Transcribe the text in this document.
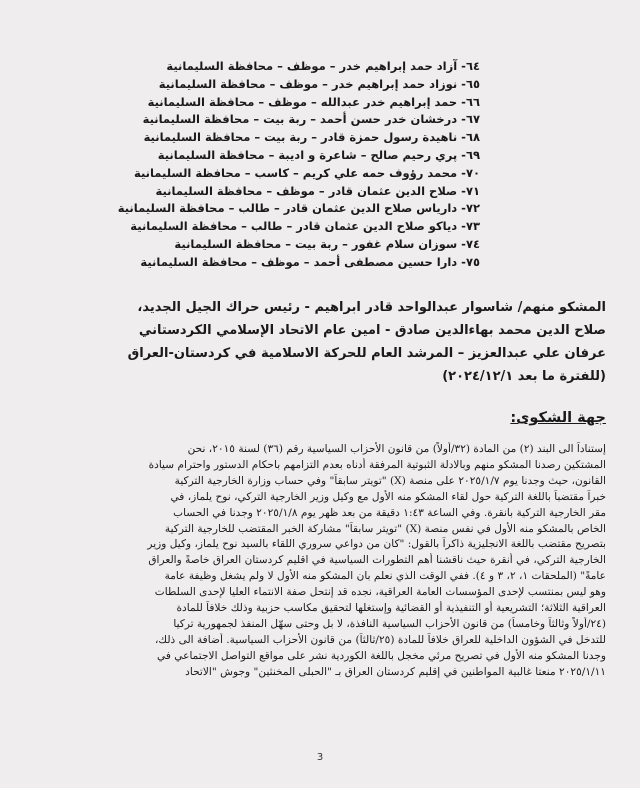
٦٤- آزاد حمد إبراهيم خدر – موظف – محافظة السليمانية
٦٥- نوزاد حمد إبراهيم خدر – موظف – محافظة السليمانية
٦٦- حمد إبراهيم خدر عبدالله – موظف – محافظة السليمانية
٦٧- درخشان خدر حسن أحمد – ربة بيت – محافظة السليمانية
٦٨- ناهيدة رسول حمزة قادر – ربة بيت – محافظة السليمانية
٦٩- پري رحيم صالح – شاعرة و اديبة – محافظة السليمانية
٧٠- محمد رؤوف حمه علي كريم – كاسب – محافظة السليمانية
٧١- صلاح الدين عثمان قادر – موظف – محافظة السليمانية
٧٢- داريا‌س صلاح الدين عثمان قادر – طالب – محافظة السليمانية
٧٣- ديا‌كو صلاح الدين عثمان قادر – طالب – محافظة السليمانية
٧٤- سوزان سلام غفور – ربة بيت – محافظة السليمانية
٧٥- دارا حسين مصطفى أحمد – موظف – محافظة السليمانية
المشكو منهم/ شاسوار عبدالواحد قادر ابراهيم - رئيس حراك الجيل الجديد،
صلاح الدين محمد بهاءالدين صادق - امين عام الاتحاد الإسلامي الكردستاني
عرفان علي عبدالعزيز – المرشد العام للحركة الاسلامية في كردستان-العراق
(للفترة ما بعد ٢٠٢٤/١٢/١)
جهة الشكوى:
إستناداً الى البند (٢) من المادة (٣٢/أولاً) من قانون الأحزاب السياسية رقم (٣٦) لسنة ٢٠١٥، نحن
المشتكين رصدنا المشكو منهم وبالادلة الثبوتية المرفقة أدناه بعدم التزامهم باحكام الدستور واحترام سيادة
القانون، حيث وجدنا يوم ٢٠٢٥/١/٧ على منصة (X) "تويتر سابقاً" وفي حساب وزارة الخارجية التركية
خبراً مقتضباً باللغة التركية حول لقاء المشكو منه الأول مع وكيل وزير الخارجية التركي، نوح يلماز، في
مقر الخارجية التركية بانقرة. وفي الساعة ١:٤٣ دقيقة من بعد ظهر يوم ٢٠٢٥/١/٨ وجدنا في الحساب
الخاص بالمشكو منه الأول في نفس منصة (X) "تويتر سابقاً" مشاركة الخبر المقتضب للخارجية التركية
بتصريح مقتضب باللغة الانجليزية ذاكراً بالقول: "كان من دواعي سروري اللقاء بالسيد نوح يلماز، وكيل وزير
الخارجية التركي، في أنقرة حيث ناقشنا أهم التطورات السياسية في اقليم كردستان العراق خاصةً والعراق
عامةً" (الملحقات ١، ٢، ٣ و ٤). ففي الوقت الذي نعلم بان المشكو منه الأول لا ولم يشغل وظيفة عامة
وهو ليس بمنتسب لإحدى المؤسسات العامة العراقية، نجده قد إنتحل صفة الانتماء العليا لإحدى السلطات
العراقية الثلاثة؛ التشريعية أو التنفيذية أو القضائية وإستغلها لتحقيق مكاسب حزبية وذلك خلافاً للمادة
(٢٤/أولاً وثالثاً وخامساً) من قانون الأحزاب السياسية النافذة، لا بل وحتى سهّل المنفذ لجمهورية تركيا
للتدخل في الشؤون الداخلية للعراق خلافاً للمادة (٢٥/ثالثاً) من قانون الأحزاب السياسية. أضافة الى ذلك،
وجدنا المشكو منه الأول في تصريح مرئي مخجل باللغة الكوردية نشر على مواقع التواصل الاجتماعي في
٢٠٢٥/١/١١ منعتا غالبية المواطنين في إقليم كردستان العراق بـ "الحبلى المخنثين" وجوش "الاتحاد
3
